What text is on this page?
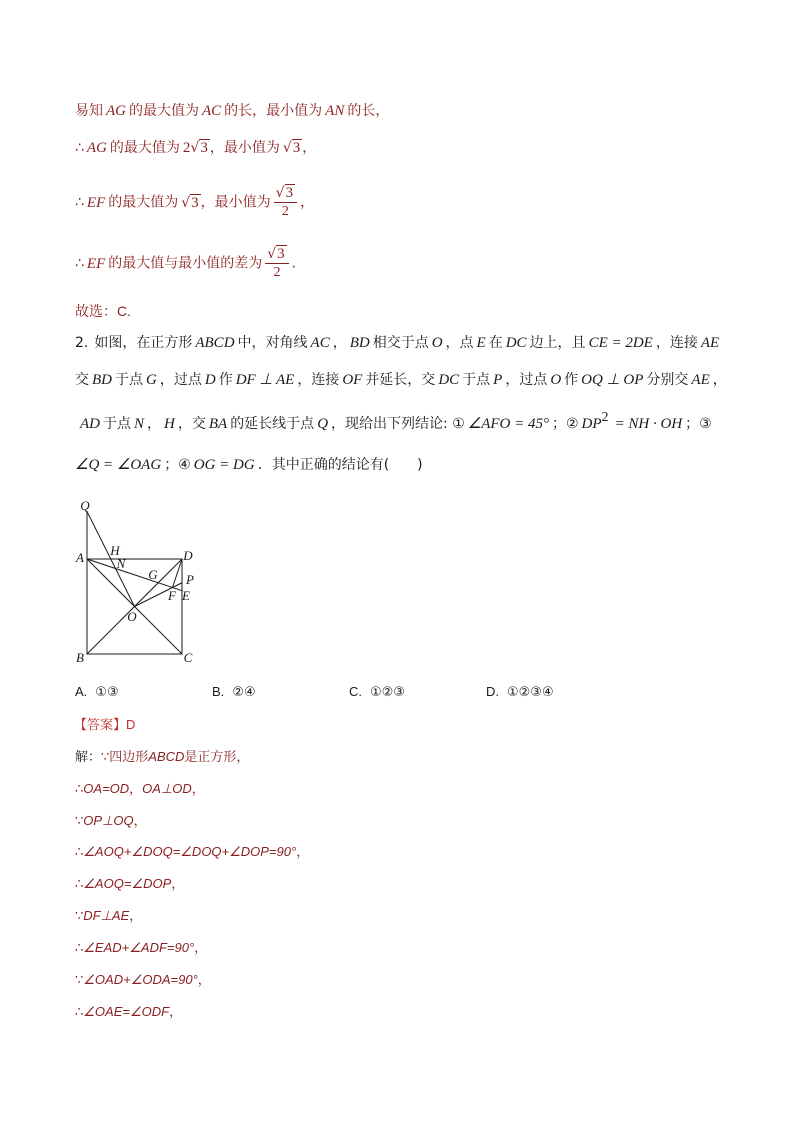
易知 AG 的最大值为 AC 的长，最小值为 AN 的长，
∴ AG 的最大值为 2√3 ，最小值为 √3 ，
∴ EF 的最大值为 √3 ，最小值为 $\frac{√3}{2}$ ，
∴ EF 的最大值与最小值的差为 $\frac{√3}{2}$ .
故选：C.
2. 如图，在正方形 ABCD 中，对角线 AC ， BD 相交于点 O ，点 E 在 DC 边上，且 CE = 2DE ，连接 AE
交 BD 于点 G ，过点 D 作 DF ⊥ AE ，连接 OF 并延长，交 DC 于点 P ，过点 O 作 OQ ⊥ OP 分别交 AE ，
AD 于点 N ， H ，交 BA 的延长线于点 Q ，现给出下列结论: ① ∠AFO = 45° ；② DP2 = NH · OH ；③
∠Q = ∠OAG ；④ OG = DG ．其中正确的结论有(　　)
Q
A H
N
D
G P
F E
O
B	C
A. ①③	B. ②④	C. ①②③	D. ①②③④
【答案】D
解：∵四边形ABCD是正方形，
∴OA=OD，OA⊥OD，
∵OP⊥OQ，
∴∠AOQ+∠DOQ=∠DOQ+∠DOP=90°，
∴∠AOQ=∠DOP，
∵DF⊥AE，
∴∠EAD+∠ADF=90°，
∵∠OAD+∠ODA=90°，
∴∠OAE=∠ODF，
